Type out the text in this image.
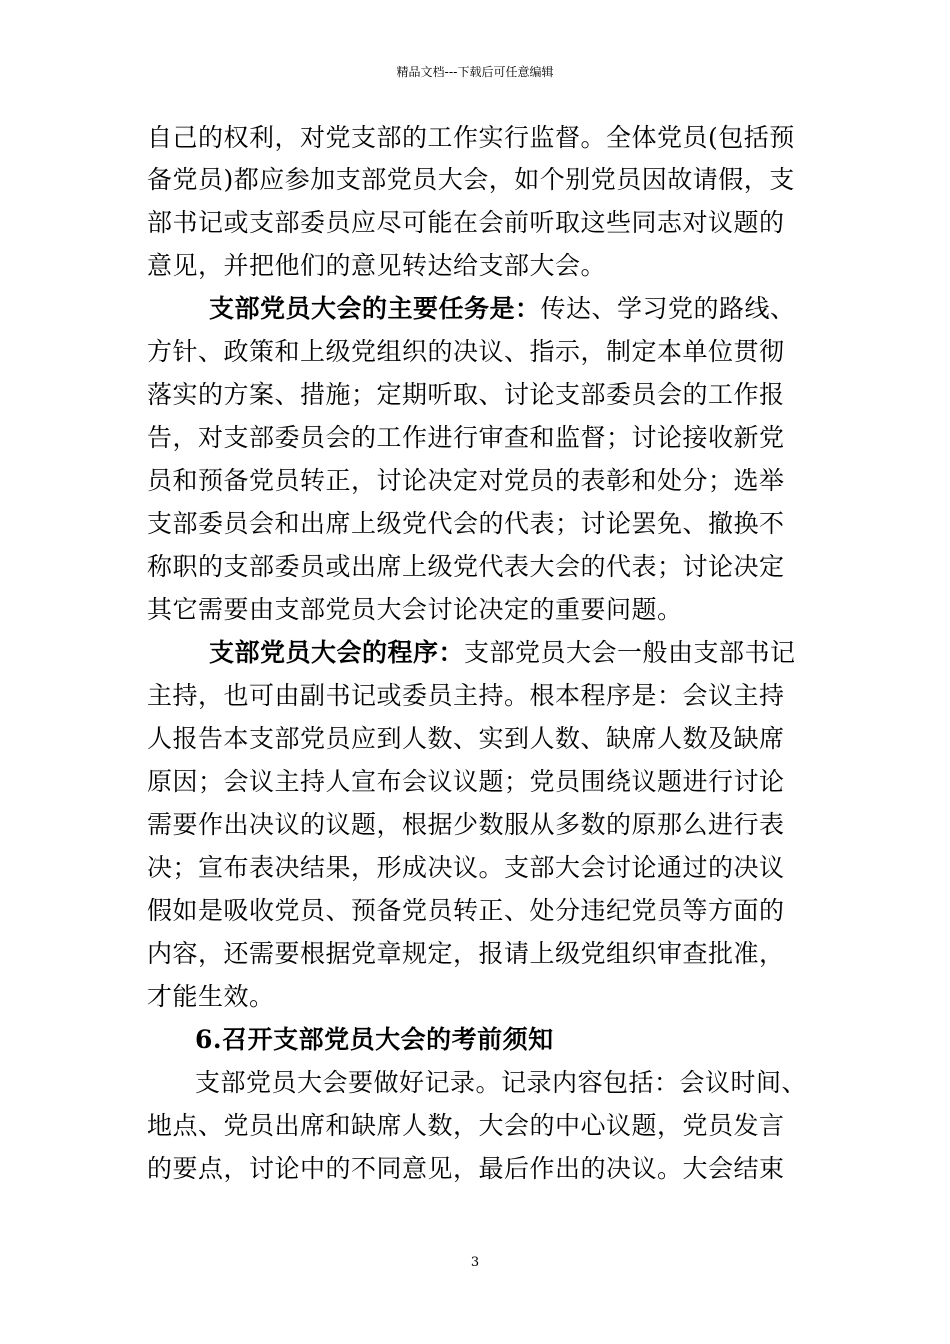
精品文档---下载后可任意编辑
自己的权利，对党支部的工作实行监督。全体党员(包括预
备党员)都应参加支部党员大会，如个别党员因故请假，支
部书记或支部委员应尽可能在会前听取这些同志对议题的
意见，并把他们的意见转达给支部大会。
支部党员大会的主要任务是：传达、学习党的路线、
方针、政策和上级党组织的决议、指示，制定本单位贯彻
落实的方案、措施；定期听取、讨论支部委员会的工作报
告，对支部委员会的工作进行审查和监督；讨论接收新党
员和预备党员转正，讨论决定对党员的表彰和处分；选举
支部委员会和出席上级党代会的代表；讨论罢免、撤换不
称职的支部委员或出席上级党代表大会的代表；讨论决定
其它需要由支部党员大会讨论决定的重要问题。
支部党员大会的程序：支部党员大会一般由支部书记
主持，也可由副书记或委员主持。根本程序是：会议主持
人报告本支部党员应到人数、实到人数、缺席人数及缺席
原因；会议主持人宣布会议议题；党员围绕议题进行讨论
需要作出决议的议题，根据少数服从多数的原那么进行表
决；宣布表决结果，形成决议。支部大会讨论通过的决议
假如是吸收党员、预备党员转正、处分违纪党员等方面的
内容，还需要根据党章规定，报请上级党组织审查批准，
才能生效。
6.召开支部党员大会的考前须知
支部党员大会要做好记录。记录内容包括：会议时间、
地点、党员出席和缺席人数，大会的中心议题，党员发言
的要点，讨论中的不同意见，最后作出的决议。大会结束
3
